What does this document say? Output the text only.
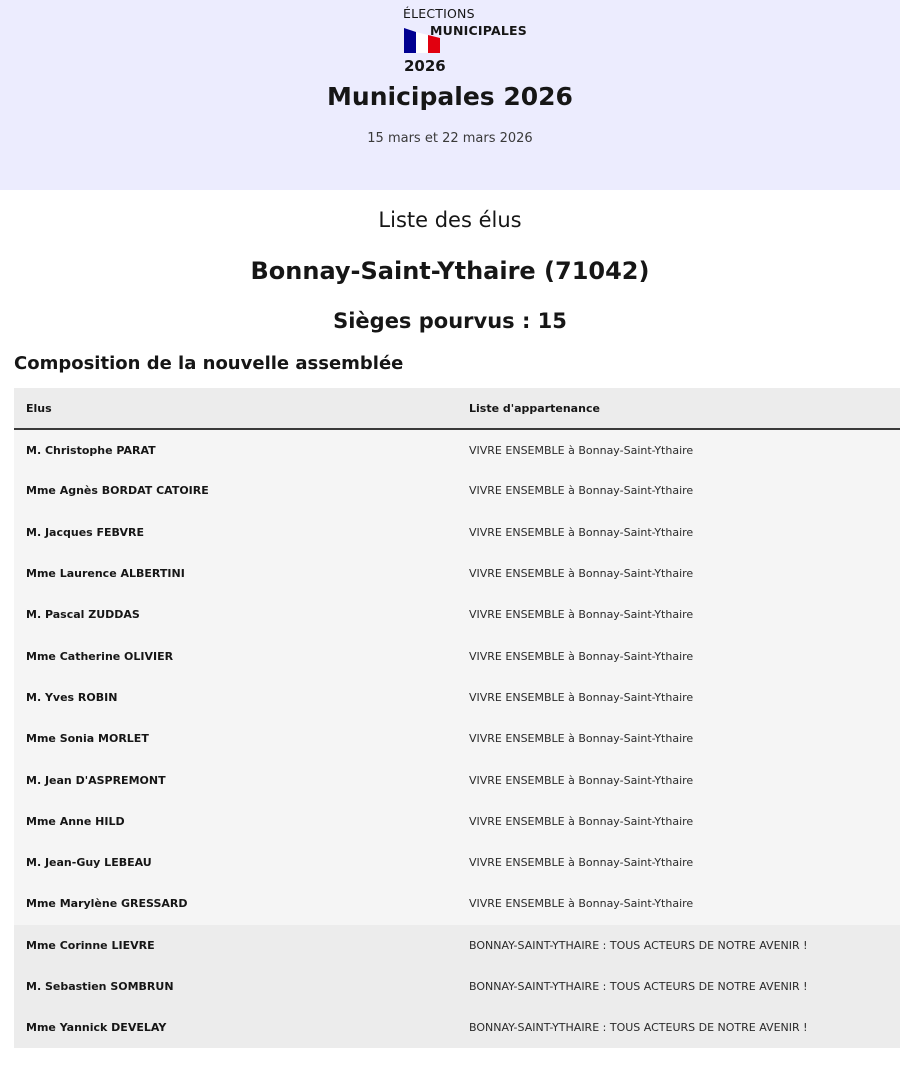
ÉLECTIONS
MUNICIPALES
2026
Municipales 2026

15 mars et 22 mars 2026

Liste des élus
Bonnay-Saint-Ythaire (71042)
Sièges pourvus : 15
Composition de la nouvelle assemblée
Elus	Liste d'appartenance
M. Christophe PARAT	VIVRE ENSEMBLE à Bonnay-Saint-Ythaire
Mme Agnès BORDAT CATOIRE	VIVRE ENSEMBLE à Bonnay-Saint-Ythaire
M. Jacques FEBVRE	VIVRE ENSEMBLE à Bonnay-Saint-Ythaire
Mme Laurence ALBERTINI	VIVRE ENSEMBLE à Bonnay-Saint-Ythaire
M. Pascal ZUDDAS	VIVRE ENSEMBLE à Bonnay-Saint-Ythaire
Mme Catherine OLIVIER	VIVRE ENSEMBLE à Bonnay-Saint-Ythaire
M. Yves ROBIN	VIVRE ENSEMBLE à Bonnay-Saint-Ythaire
Mme Sonia MORLET	VIVRE ENSEMBLE à Bonnay-Saint-Ythaire
M. Jean D'ASPREMONT	VIVRE ENSEMBLE à Bonnay-Saint-Ythaire
Mme Anne HILD	VIVRE ENSEMBLE à Bonnay-Saint-Ythaire
M. Jean-Guy LEBEAU	VIVRE ENSEMBLE à Bonnay-Saint-Ythaire
Mme Marylène GRESSARD	VIVRE ENSEMBLE à Bonnay-Saint-Ythaire
Mme Corinne LIEVRE	BONNAY-SAINT-YTHAIRE : TOUS ACTEURS DE NOTRE AVENIR !
M. Sebastien SOMBRUN	BONNAY-SAINT-YTHAIRE : TOUS ACTEURS DE NOTRE AVENIR !
Mme Yannick DEVELAY	BONNAY-SAINT-YTHAIRE : TOUS ACTEURS DE NOTRE AVENIR !
